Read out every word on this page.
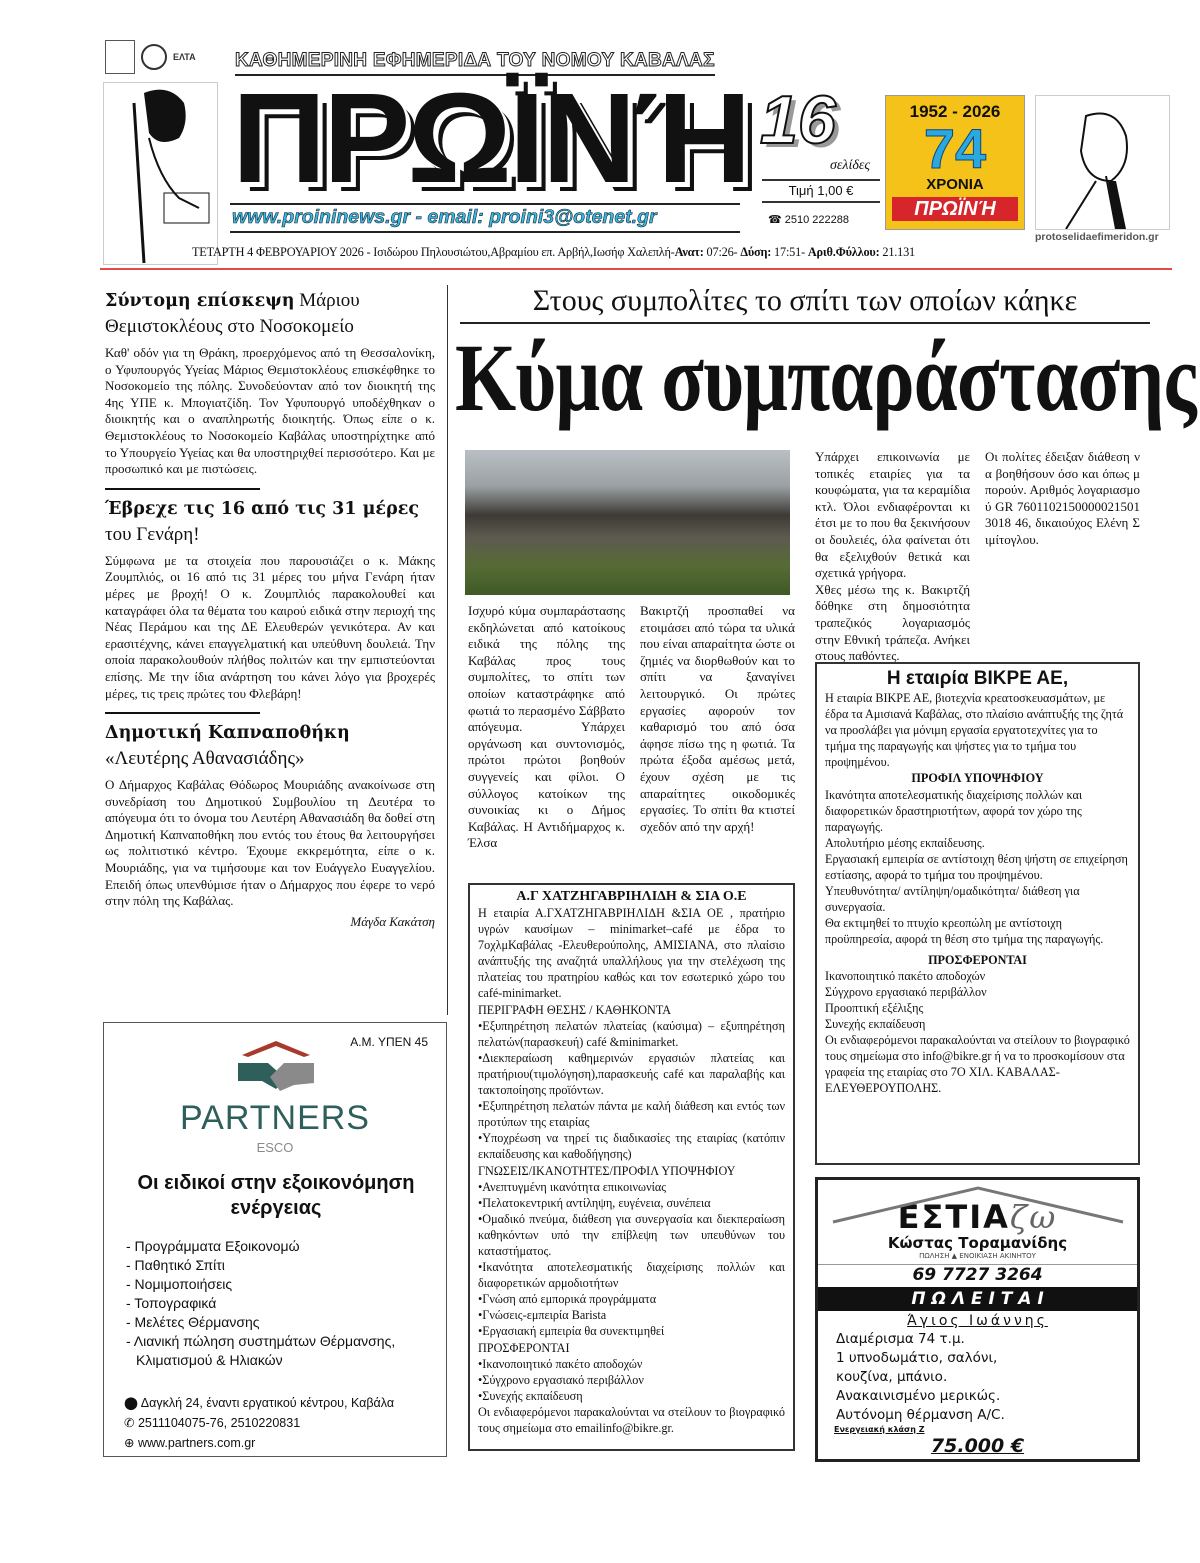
ΕΛΤΑ ΚΑΘΗΜΕΡΙΝΗ ΕΦΗΜΕΡΙΔΑ ΤΟΥ ΝΟΜΟΥ ΚΑΒΑΛΑΣ
ΠΡΩΪΝΉ
www.proininews.gr - email: proini3@otenet.gr
16
σελίδες
Τιμή 1,00 €
☎ 2510 222288
1952 - 2026
74
ΧΡΟΝΙΑ
ΠΡΩΪΝΉ
protoselidaefimeridon.gr
ΤΕΤΑΡΤΗ 4 ΦΕΒΡΟΥΑΡΙΟΥ 2026 - Ισιδώρου Πηλουσιώτου,Αβραμίου επ. Αρβήλ,Ιωσήφ Χαλεπλή-Ανατ: 07:26- Δύση: 17:51- Αριθ.Φύλλου: 21.131
Σύντομη επίσκεψη Μάριου Θεμιστοκλέους στο Νοσοκομείο

Καθ' οδόν για τη Θράκη, προερχόμενος από τη Θεσσαλονίκη, ο Υφυπουργός Υγείας Μάριος Θεμιστοκλέους επισκέφθηκε το Νοσοκομείο της πόλης. Συνοδεύονταν από τον διοικητή της 4ης ΥΠΕ κ. Μπογιατζίδη. Τον Υφυπουργό υποδέχθηκαν ο διοικητής και ο αναπληρωτής διοικητής. Όπως είπε ο κ. Θεμιστοκλέους το Νοσοκομείο Καβάλας υποστηρίχτηκε από το Υπουργείο Υγείας και θα υποστηριχθεί περισσότερο. Και με προσωπικό και με πιστώσεις.

Έβρεχε τις 16 από τις 31 μέρες
του Γενάρη!

Σύμφωνα με τα στοιχεία που παρουσιάζει ο κ. Μάκης Ζουμπλιός, οι 16 από τις 31 μέρες του μήνα Γενάρη ήταν μέρες με βροχή! Ο κ. Ζουμπλιός παρακολουθεί και καταγράφει όλα τα θέματα του καιρού ειδικά στην περιοχή της Νέας Περάμου και της ΔΕ Ελευθερών γενικότερα. Αν και ερασιτέχνης, κάνει επαγγελματική και υπεύθυνη δουλειά. Την οποία παρακολουθούν πλήθος πολιτών και την εμπιστεύονται επίσης. Με την ίδια ανάρτηση του κάνει λόγο για βροχερές μέρες, τις τρεις πρώτες του Φλεβάρη!

Δημοτική Καπναποθήκη
«Λευτέρης Αθανασιάδης»

Ο Δήμαρχος Καβάλας Θόδωρος Μουριάδης ανακοίνωσε στη συνεδρίαση του Δημοτικού Συμβουλίου τη Δευτέρα το απόγευμα ότι το όνομα του Λευτέρη Αθανασιάδη θα δοθεί στη Δημοτική Καπναποθήκη που εντός του έτους θα λειτουργήσει ως πολιτιστικό κέντρο. Έχουμε εκκρεμότητα, είπε ο κ. Μουριάδης, για να τιμήσουμε και τον Ευάγγελο Ευαγγελίου. Επειδή όπως υπενθύμισε ήταν ο Δήμαρχος που έφερε το νερό στην πόλη της Καβάλας.

Μάγδα Κακάτση

Α.Μ. ΥΠΕΝ 45
PARTNERS
ESCO
Οι ειδικοί στην εξοικονόμηση ενέργειας
- Προγράμματα Εξοικονομώ
- Παθητικό Σπίτι
- Νομιμοποιήσεις
- Τοπογραφικά
- Μελέτες Θέρμανσης
- Λιανική πώληση συστημάτων Θέρμανσης, Κλιματισμού & Ηλιακών
⬤ Δαγκλή 24, έναντι εργατικού κέντρου, Καβάλα
✆ 2511104075-76, 2510220831
⊕ www.partners.com.gr
Στους συμπολίτες το σπίτι των οποίων κάηκε
Κύμα συμπαράστασης

Ισχυρό κύμα συμπαράστασης εκδηλώνεται από κατοίκους ειδικά της πόλης της Καβάλας προς τους συμπολίτες, το σπίτι των οποίων καταστράφηκε από φωτιά το περασμένο Σάββατο απόγευμα. Υπάρχει οργάνωση και συντονισμός, πρώτοι πρώτοι βοηθούν συγγενείς και φίλοι. Ο σύλλογος κατοίκων της συνοικίας κι ο Δήμος Καβάλας. Η Αντιδήμαρχος κ. Έλσα

Βακιρτζή προσπαθεί να ετοιμάσει από τώρα τα υλικά που είναι απαραίτητα ώστε οι ζημιές να διορθωθούν και το σπίτι να ξαναγίνει λειτουργικό. Οι πρώτες εργασίες αφορούν τον καθαρισμό του από όσα άφησε πίσω της η φωτιά. Τα πρώτα έξοδα αμέσως μετά, έχουν σχέση με τις απαραίτητες οικοδομικές εργασίες. Το σπίτι θα κτιστεί σχεδόν από την αρχή!

Υπάρχει επικοινωνία με τοπικές εταιρίες για τα κουφώματα, για τα κεραμίδια κτλ. Όλοι ενδιαφέρονται κι έτσι με το που θα ξεκινήσουν οι δουλειές, όλα φαίνεται ότι θα εξελιχθούν θετικά και σχετικά γρήγορα.

Χθες μέσω της κ. Βακιρτζή δόθηκε στη δημοσιότητα τραπεζικός λογαριασμός στην Εθνική τράπεζα. Ανήκει στους παθόντες.

Οι πολίτες έδειξαν διάθεση να βοηθήσουν όσο και όπως μπορούν. Αριθμός λογαριασμού GR 76011021500000215013018 46, δικαιούχος Ελένη Σιμίτογλου.

Α.Γ ΧΑΤΖΗΓΑΒΡΙΗΛΙΔΗ & ΣΙΑ Ο.Ε

Η εταιρία Α.ΓΧΑΤΖΗΓΑΒΡΙΗΛΙΔΗ &ΣΙΑ ΟΕ , πρατήριο υγρών καυσίμων – minimarket–café με έδρα το 7οχλμΚαβάλας -Ελευθερούπολης, ΑΜΙΣΙΑΝΑ, στο πλαίσιο ανάπτυξής της αναζητά υπαλλήλους για την στελέχωση της πλατείας του πρατηρίου καθώς και τον εσωτερικό χώρο του café-minimarket.

ΠΕΡΙΓΡΑΦΗ ΘΕΣΗΣ / ΚΑΘΗΚΟΝΤΑ
•Εξυπηρέτηση πελατών πλατείας (καύσιμα) – εξυπηρέτηση πελατών(παρασκευή) café &minimarket.
•Διεκπεραίωση καθημερινών εργασιών πλατείας και πρατήριου(τιμολόγηση),παρασκευής café και παραλαβής και τακτοποίησης προϊόντων.
•Εξυπηρέτηση πελατών πάντα με καλή διάθεση και εντός των προτύπων της εταιρίας
•Υποχρέωση να τηρεί τις διαδικασίες της εταιρίας (κατόπιν εκπαίδευσης και καθοδήγησης)
ΓΝΩΣΕΙΣ/ΙΚΑΝΟΤΗΤΕΣ/ΠΡΟΦΙΛ ΥΠΟΨΗΦΙΟΥ
•Ανεπτυγμένη ικανότητα επικοινωνίας
•Πελατοκεντρική αντίληψη, ευγένεια, συνέπεια
•Ομαδικό πνεύμα, διάθεση για συνεργασία και διεκπεραίωση καθηκόντων υπό την επίβλεψη των υπευθύνων του καταστήματος.
•Ικανότητα αποτελεσματικής διαχείρισης πολλών και διαφορετικών αρμοδιοτήτων
•Γνώση από εμπορικά προγράμματα
•Γνώσεις-εμπειρία Barista
•Εργασιακή εμπειρία θα συνεκτιμηθεί
ΠΡΟΣΦΕΡΟΝΤΑΙ
•Ικανοποιητικό πακέτο αποδοχών
•Σύγχρονο εργασιακό περιβάλλον
•Συνεχής εκπαίδευση
Οι ενδιαφερόμενοι παρακαλούνται να στείλουν το βιογραφικό τους σημείωμα στο emailinfo@bikre.gr.
Η εταιρία ΒΙΚΡΕ ΑΕ,
Η εταιρία ΒΙΚΡΕ ΑΕ, βιοτεχνία κρεατοσκευασμάτων, με έδρα τα Αμισιανά Καβάλας, στο πλαίσιο ανάπτυξής της ζητά να προσλάβει για μόνιμη εργασία εργατοτεχνίτες για το τμήμα της παραγωγής και ψήστες για το τμήμα του προψημένου.
ΠΡΟΦΙΛ ΥΠΟΨΗΦΙΟΥ
Ικανότητα αποτελεσματικής διαχείρισης πολλών και διαφορετικών δραστηριοτήτων, αφορά τον χώρο της παραγωγής.
Απολυτήριο μέσης εκπαίδευσης.
Εργασιακή εμπειρία σε αντίστοιχη θέση ψήστη σε επιχείρηση εστίασης, αφορά το τμήμα του προψημένου.
Υπευθυνότητα/ αντίληψη/ομαδικότητα/ διάθεση για συνεργασία.
Θα εκτιμηθεί το πτυχίο κρεοπώλη με αντίστοιχη προϋπηρεσία, αφορά τη θέση στο τμήμα της παραγωγής.
ΠΡΟΣΦΕΡΟΝΤΑΙ
Ικανοποιητικό πακέτο αποδοχών
Σύγχρονο εργασιακό περιβάλλον
Προοπτική εξέλιξης
Συνεχής εκπαίδευση
Οι ενδιαφερόμενοι παρακαλούνται να στείλουν το βιογραφικό τους σημείωμα στο info@bikre.gr ή να το προσκομίσουν στα γραφεία της εταιρίας στο 7Ο ΧΙΛ. ΚΑΒΑΛΑΣ- ΕΛΕΥΘΕΡΟΥΠΟΛΗΣ.
ΕΣΤΙΑζω
Κώστας Τοραμανίδης
ΠΩΛΗΣΗ ▲ ΕΝΟΙΚΙΑΣΗ ΑΚΙΝΗΤΟΥ
69 7727 3264
Π Ω Λ Ε Ι Τ Α Ι
Άγιος Ιωάννης
Διαμέρισμα 74 τ.μ.
1 υπνοδωμάτιο, σαλόνι,
κουζίνα, μπάνιο.
Ανακαινισμένο μερικώς.
Αυτόνομη θέρμανση A/C.
Ενεργειακή κλάση Ζ
75.000 €
